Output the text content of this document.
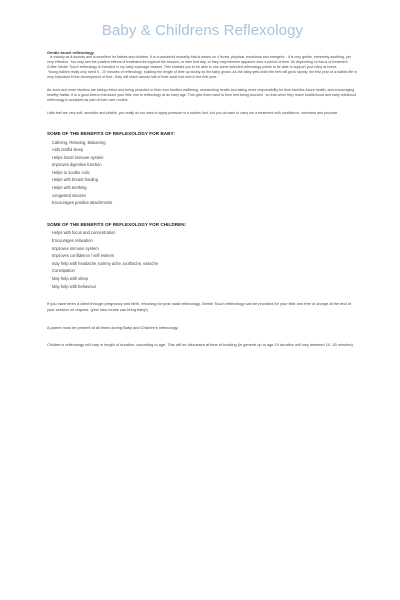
Baby & Childrens Reflexology

Gentle touch reflexology

is exactly as it sounds and is excellent for babies and children. It is a wonderful modality that is based on 4 levels, physical, emotional and energetic - It is very gentle, extremely soothing, yet very effective. You may see the positive effects of treatment throughout the session, or later that day, or they may become apparent over a period of time. All depending on focus of treatment.

A little Gentle Touch reflexology is included in my baby massage classes. This enables you to be able to use some selected reflexology points to be able to support your baby at home.

Young babies really only need 5 - 10 minutes of reflexology, building the length of time up slowly as the baby grows. As the baby gets older the feet will grow rapidly, the first year of a babies life is very important in the development of feet - they will reach almost half of their adult foot size in the first year.

As more and more families are taking notice and being proactive in their own families wellbeing, researching health and taking more responsibility for their families future health, and encouraging healthy habits. It is a good idea to introduce your little one to reflexology at an early age. This gets them used to their feet being touched , so that when they reach toddlerhood and early childhood reflexology is accepted as part of their care routine.

Little feet are very soft, sensitive and pliable, you really do not want to apply pressure to a babies foot, but you do want to carry out a treatment with confidence, calmness and purpose.

SOME OF THE BENEFITS OF REFLEXOLOGY FOR BABY:

Calming, Relaxing, Balancing
Aids restful sleep
Helps boost immune system
Improves digestive function
Helps to soothe colic
Helps with breast feeding
Helps with teething
congested sinuses
Encourages positive attachments

SOME OF THE BENEFITS OF REFLEXOLOGY FOR CHILDREN:

Helps with focus and concentration
Encourages relaxation
Improves immune system
Improves confidence / self esteem
may help with headache, tummy ache, toothache, earache
Constipation
May help with sleep
May help with behaviour

If you have been a client through pregnancy and birth, returning for post natal reflexology. Gentle Touch reflexology can be provided for your little one free of charge at the end of your session on request. (yes! new mums can bring baby!)

A parent must be present at all times during Baby and Children's reflexology.

Children's reflexology will vary in length of duration, according to age. This will be discussed at time of booking (in general up to age 10 duration will vary between 10 -30 minutes).
